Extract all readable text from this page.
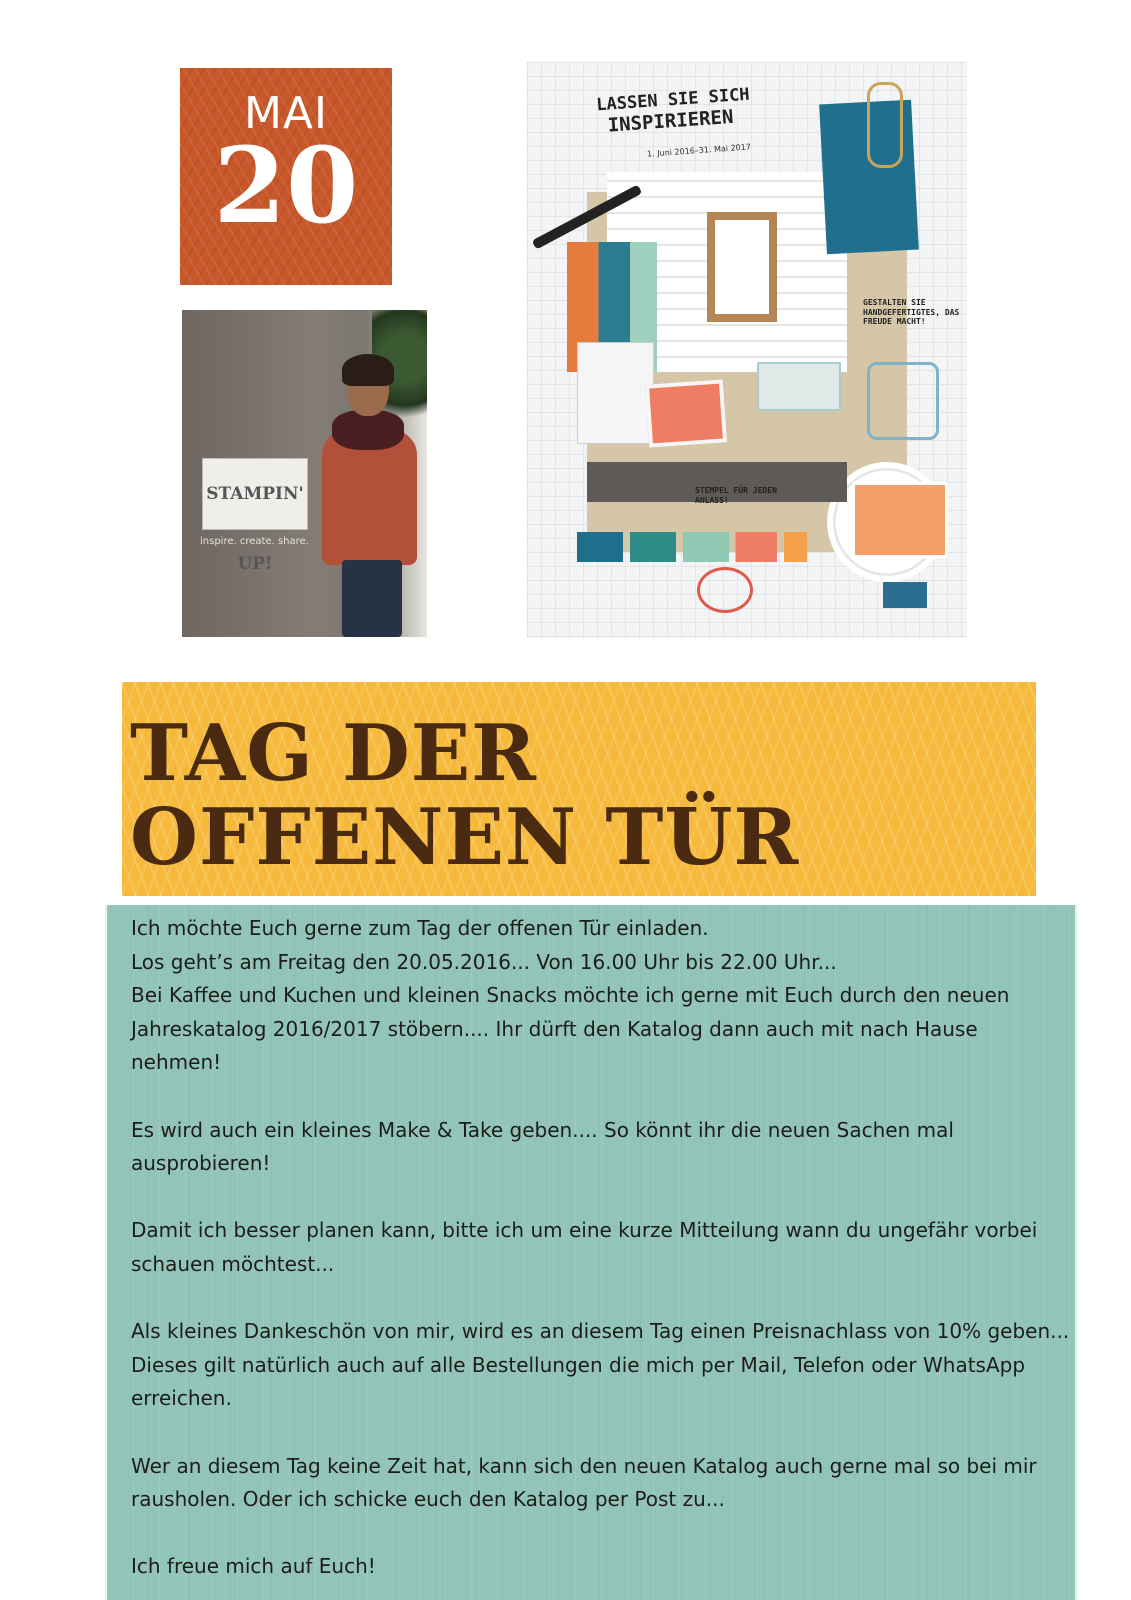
MAI
20
STAMPIN' UP!
inspire. create. share.
LASSEN SIE SICH
INSPIRIEREN
1. Juni 2016–31. Mai 2017
GESTALTEN SIE HANDGEFERTIGTES, DAS FREUDE MACHT!
STEMPEL FÜR JEDEN ANLASS!
TAG DER
OFFENEN TÜR

Ich möchte Euch gerne zum Tag der offenen Tür einladen.
Los geht’s am Freitag den 20.05.2016... Von 16.00 Uhr bis 22.00 Uhr...
Bei Kaffee und Kuchen und kleinen Snacks möchte ich gerne mit Euch durch den neuen Jahreskatalog 2016/2017 stöbern.... Ihr dürft den Katalog dann auch mit nach Hause nehmen!

Es wird auch ein kleines Make & Take geben.... So könnt ihr die neuen Sachen mal ausprobieren!

Damit ich besser planen kann, bitte ich um eine kurze Mitteilung wann du ungefähr vorbei schauen möchtest...

Als kleines Dankeschön von mir, wird es an diesem Tag einen Preisnachlass von 10% geben... Dieses gilt natürlich auch auf alle Bestellungen die mich per Mail, Telefon oder WhatsApp erreichen.

Wer an diesem Tag keine Zeit hat, kann sich den neuen Katalog auch gerne mal so bei mir rausholen. Oder ich schicke euch den Katalog per Post zu...

Ich freue mich auf Euch!
